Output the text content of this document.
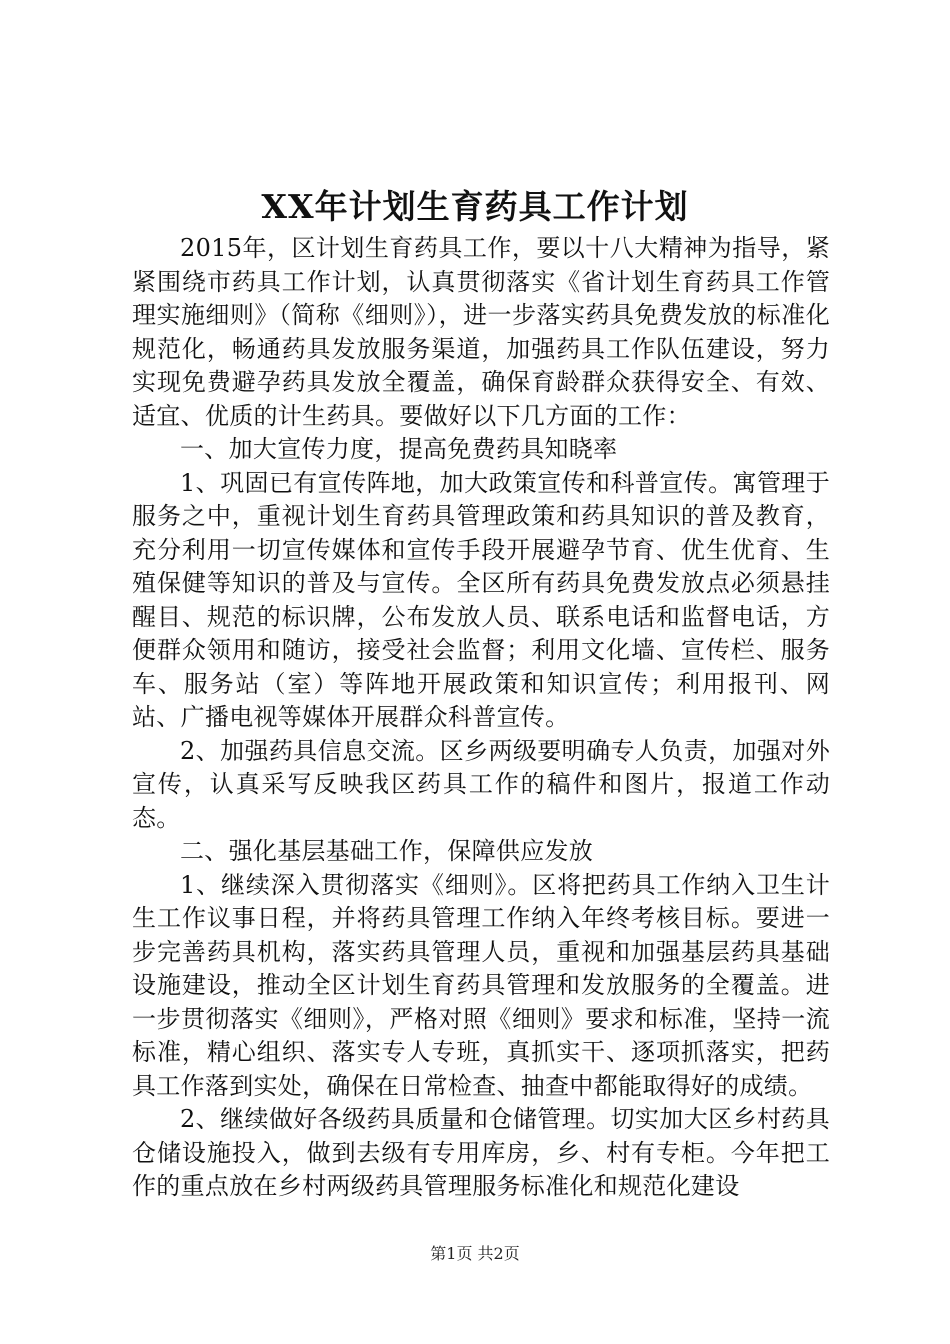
XX年计划生育药具工作计划

2015年，区计划生育药具工作，要以十八大精神为指导，紧紧围绕市药具工作计划，认真贯彻落实《省计划生育药具工作管理实施细则》（简称《细则》），进一步落实药具免费发放的标准化规范化，畅通药具发放服务渠道，加强药具工作队伍建设，努力实现免费避孕药具发放全覆盖，确保育龄群众获得安全、有效、适宜、优质的计生药具。要做好以下几方面的工作：

一、加大宣传力度，提高免费药具知晓率

1、巩固已有宣传阵地，加大政策宣传和科普宣传。寓管理于服务之中，重视计划生育药具管理政策和药具知识的普及教育，充分利用一切宣传媒体和宣传手段开展避孕节育、优生优育、生殖保健等知识的普及与宣传。全区所有药具免费发放点必须悬挂醒目、规范的标识牌，公布发放人员、联系电话和监督电话，方便群众领用和随访，接受社会监督；利用文化墙、宣传栏、服务车、服务站（室）等阵地开展政策和知识宣传；利用报刊、网站、广播电视等媒体开展群众科普宣传。

2、加强药具信息交流。区乡两级要明确专人负责，加强对外宣传，认真采写反映我区药具工作的稿件和图片，报道工作动态。

二、强化基层基础工作，保障供应发放

1、继续深入贯彻落实《细则》。区将把药具工作纳入卫生计生工作议事日程，并将药具管理工作纳入年终考核目标。要进一步完善药具机构，落实药具管理人员，重视和加强基层药具基础设施建设，推动全区计划生育药具管理和发放服务的全覆盖。进一步贯彻落实《细则》，严格对照《细则》要求和标准，坚持一流标准，精心组织、落实专人专班，真抓实干、逐项抓落实，把药具工作落到实处，确保在日常检查、抽查中都能取得好的成绩。

2、继续做好各级药具质量和仓储管理。切实加大区乡村药具仓储设施投入，做到去级有专用库房，乡、村有专柜。今年把工作的重点放在乡村两级药具管理服务标准化和规范化建设

第1页 共2页
